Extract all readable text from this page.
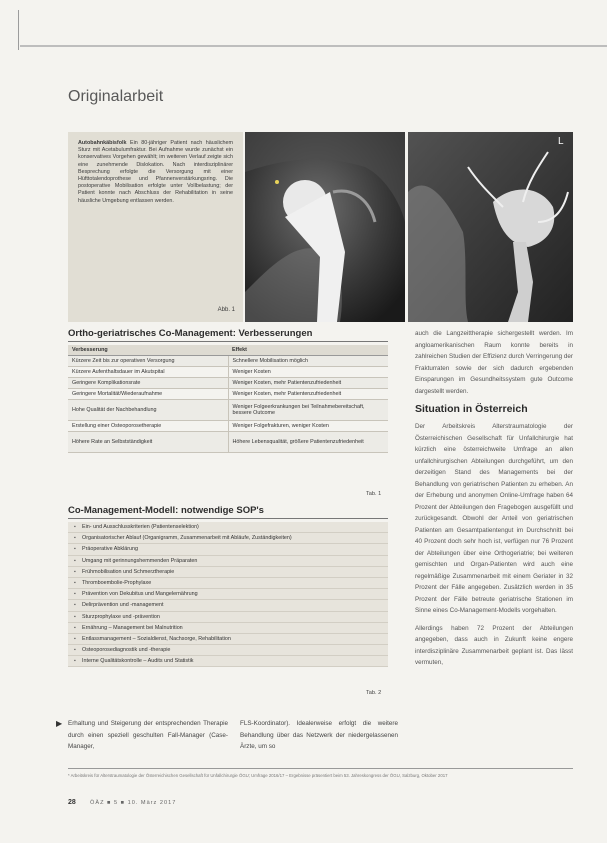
Originalarbeit
Autobahnkäbisfolk Ein 80-jähriger Patient nach häuslichem Sturz mit Acetabulumfraktur. Bei Aufnahme wurde zunächst ein konservatives Vorgehen gewählt; im weiteren Verlauf zeigte sich eine zunehmende Dislokation. Nach interdisziplinärer Besprechung erfolgte die Versorgung mit einer Hüfttotalendoprothese und Pfannenverstärkungsring. Die postoperative Mobilisation erfolgte unter Vollbelastung; der Patient konnte nach Abschluss der Rehabilitation in seine häusliche Umgebung entlassen werden.
Abb. 1
L
Ortho-geriatrisches Co-Management: Verbesserungen
Verbesserung	Effekt
Kürzere Zeit bis zur operativen Versorgung	Schnellere Mobilisation möglich
Kürzere Aufenthaltsdauer im Akutspital	Weniger Kosten
Geringere Komplikationsrate	Weniger Kosten, mehr Patientenzufriedenheit
Geringere Mortalität/Wiederaufnahme	Weniger Kosten, mehr Patientenzufriedenheit
Hohe Qualität der Nachbehandlung	Weniger Folgeerkrankungen bei Teilnahmebereitschaft, bessere Outcome
Erstellung einer Osteoporosetherapie	Weniger Folgefrakturen, weniger Kosten
Höhere Rate an Selbstständigkeit	Höhere Lebensqualität, größere Patientenzufriedenheit
Tab. 1
Co-Management-Modell: notwendige SOP's
▪ Ein- und Ausschlusskriterien (Patientenselektion)
▪ Organisatorischer Ablauf (Organigramm, Zusammenarbeit mit Abläufe, Zuständigkeiten)
▪ Präoperative Abklärung
▪ Umgang mit gerinnungshemmenden Präparaten
▪ Frühmobilisation und Schmerztherapie
▪ Thromboembolie-Prophylaxe
▪ Prävention von Dekubitus und Mangelernährung
▪ Delirprävention und -management
▪ Sturzprophylaxe und -prävention
▪ Ernährung – Management bei Malnutrition
▪ Entlassmanagement – Sozialdienst, Nachsorge, Rehabilitation
▪ Osteoporosediagnostik und -therapie
▪ Interne Qualitätskontrolle – Audits und Statistik
Tab. 2

auch die Langzeittherapie sichergestellt werden. Im angloamerikanischen Raum konnte bereits in zahlreichen Studien der Effizienz durch Verringerung der Frakturraten sowie der sich dadurch ergebenden Einsparungen im Gesundheitssystem gute Outcome dargestellt werden.

Situation in Österreich

Der Arbeitskreis Alterstraumatologie der Österreichischen Gesellschaft für Unfallchirurgie hat kürzlich eine österreichweite Umfrage an allen unfallchirurgischen Abteilungen durchgeführt, um den derzeitigen Stand des Managements bei der Behandlung von geriatrischen Patienten zu erheben. An der Erhebung und anonymen Online-Umfrage haben 64 Prozent der Abteilungen den Fragebogen ausgefüllt und zurückgesandt. Obwohl der Anteil von geriatrischen Patienten am Gesamtpatientengut im Durchschnitt bei 40 Prozent doch sehr hoch ist, verfügen nur 76 Prozent der Abteilungen über eine Orthogeriatrie; bei weiteren gemischten und Organ-Patienten wird auch eine regelmäßige Zusammenarbeit mit einem Geriater in 32 Prozent der Fälle angegeben. Zusätzlich werden in 35 Prozent der Fälle betreute geriatrische Stationen im Sinne eines Co-Management-Modells vorgehalten.

Allerdings haben 72 Prozent der Abteilungen angegeben, dass auch in Zukunft keine engere interdisziplinäre Zusammenarbeit geplant ist. Das lässt vermuten,

▶ Erhaltung und Steigerung der entsprechenden Therapie durch einen speziell geschulten Fall-Manager (Case-Manager,
FLS-Koordinator). Idealerweise erfolgt die weitere Behandlung über das Netzwerk der niedergelassenen Ärzte, um so
* Arbeitskreis für Alterstraumatologie der Österreichischen Gesellschaft für Unfallchirurgie ÖGU; Umfrage 2016/17 – Ergebnisse präsentiert beim 53. Jahreskongress der ÖGU, Salzburg, Oktober 2017
28	ÖÄZ ■ 5 ■ 10. März 2017
